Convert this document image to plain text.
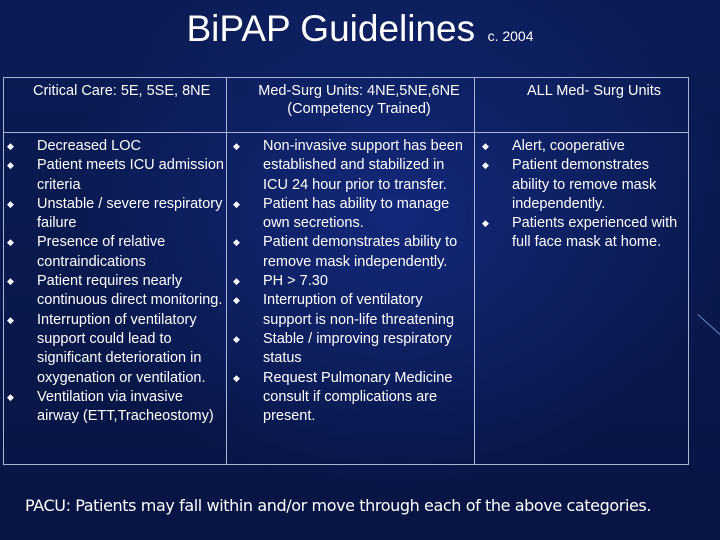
BiPAP Guidelines c. 2004
Critical Care: 5E, 5SE, 8NE
◆ Decreased LOC
◆ Patient meets ICU admission criteria
◆ Unstable / severe respiratory failure
◆ Presence of relative contraindications
◆ Patient requires nearly continuous direct monitoring.
◆ Interruption of ventilatory support could lead to significant deterioration in oxygenation or ventilation.
◆ Ventilation via invasive airway (ETT,Tracheostomy)
Med-Surg Units: 4NE,5NE,6NE (Competency Trained)
◆ Non-invasive support has been established and stabilized in ICU 24 hour prior to transfer.
◆ Patient has ability to manage own secretions.
◆ Patient demonstrates ability to remove mask independently.
◆ PH > 7.30
◆ Interruption of ventilatory support is non-life threatening
◆ Stable / improving respiratory status
◆ Request Pulmonary Medicine consult if complications are present.
ALL Med- Surg Units
◆ Alert, cooperative
◆ Patient demonstrates ability to remove mask independently.
◆ Patients experienced with full face mask at home.
PACU: Patients may fall within and/or move through each of the above categories.
